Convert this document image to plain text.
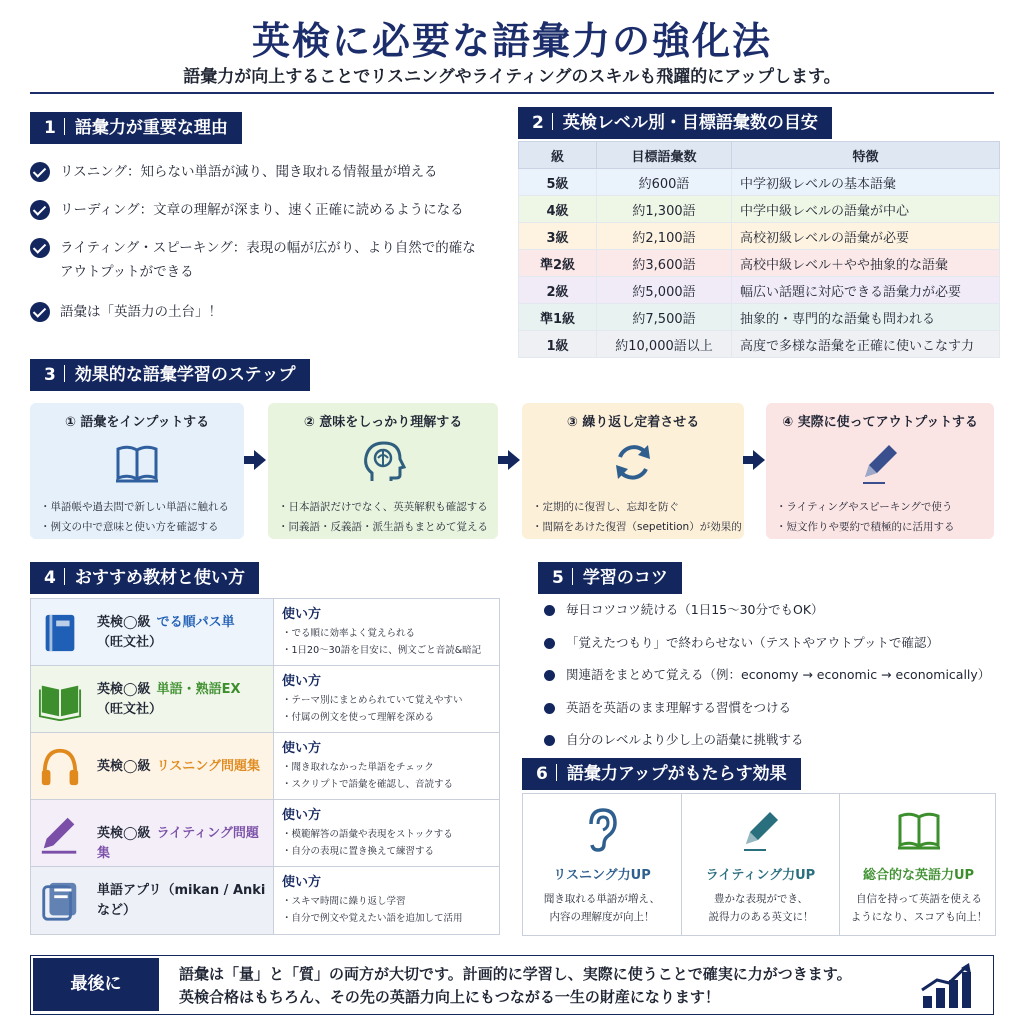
英検に必要な語彙力の強化法
語彙力が向上することでリスニングやライティングのスキルも飛躍的にアップします。
1 語彙力が重要な理由
リスニング：知らない単語が減り、聞き取れる情報量が増える
リーディング：文章の理解が深まり、速く正確に読めるようになる
ライティング・スピーキング：表現の幅が広がり、より自然で的確な
アウトプットができる
語彙は「英語力の土台」！
2 英検レベル別・目標語彙数の目安
級	目標語彙数	特徴
5級	約600語	中学初級レベルの基本語彙
4級	約1,300語	中学中級レベルの語彙が中心
3級	約2,100語	高校初級レベルの語彙が必要
準2級	約3,600語	高校中級レベル＋やや抽象的な語彙
2級	約5,000語	幅広い話題に対応できる語彙力が必要
準1級	約7,500語	抽象的・専門的な語彙も問われる
1級	約10,000語以上	高度で多様な語彙を正確に使いこなす力
3 効果的な語彙学習のステップ
① 語彙をインプットする
・単語帳や過去問で新しい単語に触れる
・例文の中で意味と使い方を確認する
② 意味をしっかり理解する
・日本語訳だけでなく、英英解釈も確認する
・同義語・反義語・派生語もまとめて覚える
③ 繰り返し定着させる
・定期的に復習し、忘却を防ぐ
・間隔をあけた復習（sepetition）が効果的
④ 実際に使ってアウトプットする
・ライティングやスピーキングで使う
・短文作りや要約で積極的に活用する
4 おすすめ教材と使い方
英検◯級 でる順パス単
（旺文社）
使い方
・でる順に効率よく覚えられる
・1日20〜30語を目安に、例文ごと音読&暗記
英検◯級 単語・熟語EX
（旺文社）
使い方
・テーマ別にまとめられていて覚えやすい
・付属の例文を使って理解を深める
英検◯級 リスニング問題集
使い方
・聞き取れなかった単語をチェック
・スクリプトで語彙を確認し、音読する
英検◯級 ライティング問題集
使い方
・模範解答の語彙や表現をストックする
・自分の表現に置き換えて練習する
単語アプリ（mikan / Anki
など）
使い方
・スキマ時間に繰り返し学習
・自分で例文や覚えたい語を追加して活用
5 学習のコツ
毎日コツコツ続ける（1日15〜30分でもOK）
「覚えたつもり」で終わらせない（テストやアウトプットで確認）
関連語をまとめて覚える（例：economy → economic → economically）
英語を英語のまま理解する習慣をつける
自分のレベルより少し上の語彙に挑戦する
6 語彙力アップがもたらす効果
リスニング力UP
聞き取れる単語が増え、
内容の理解度が向上！
ライティング力UP
豊かな表現ができ、
説得力のある英文に！
総合的な英語力UP
自信を持って英語を使える
ようになり、スコアも向上！
最後に	語彙は「量」と「質」の両方が大切です。計画的に学習し、実際に使うことで確実に力がつきます。
英検合格はもちろん、その先の英語力向上にもつながる一生の財産になります！
